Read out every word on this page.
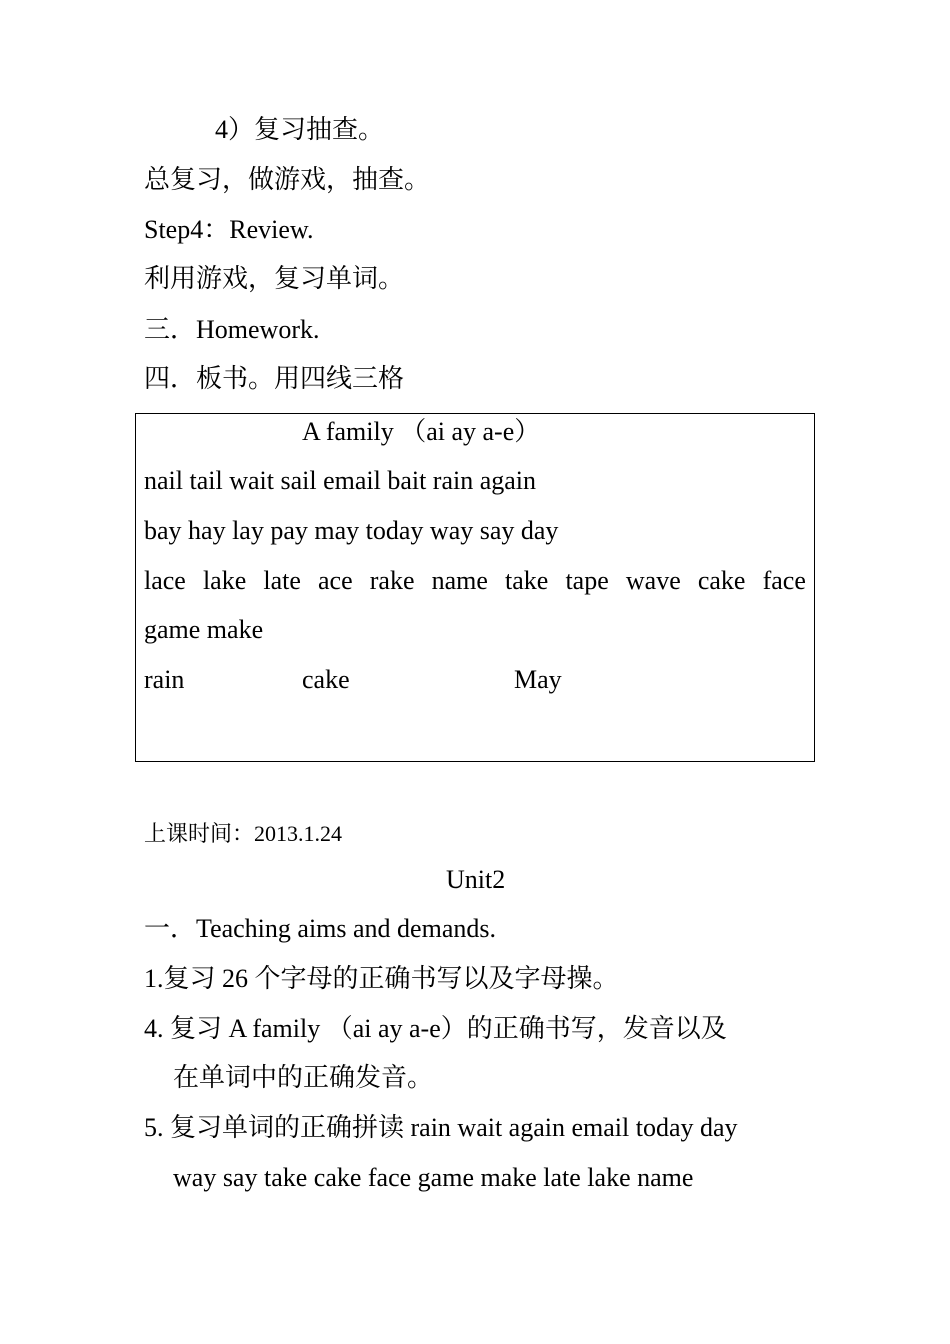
4）复习抽查。
总复习，做游戏，抽查。
Step4：Review.
利用游戏，复习单词。
三．Homework.
四．板书。用四线三格
A family （ai ay a-e）
nail tail wait sail email bait rain again
bay hay lay pay may today way say day
lace lake late ace rake name take tape wave cake face
game make
rain	cake	May
上课时间：2013.1.24
Unit2
一．Teaching aims and demands.
1.复习 26 个字母的正确书写以及字母操。
4. 复习 A family （ai ay a-e）的正确书写，发音以及
在单词中的正确发音。
5. 复习单词的正确拼读 rain wait again email today day
way say take cake face game make late lake name
